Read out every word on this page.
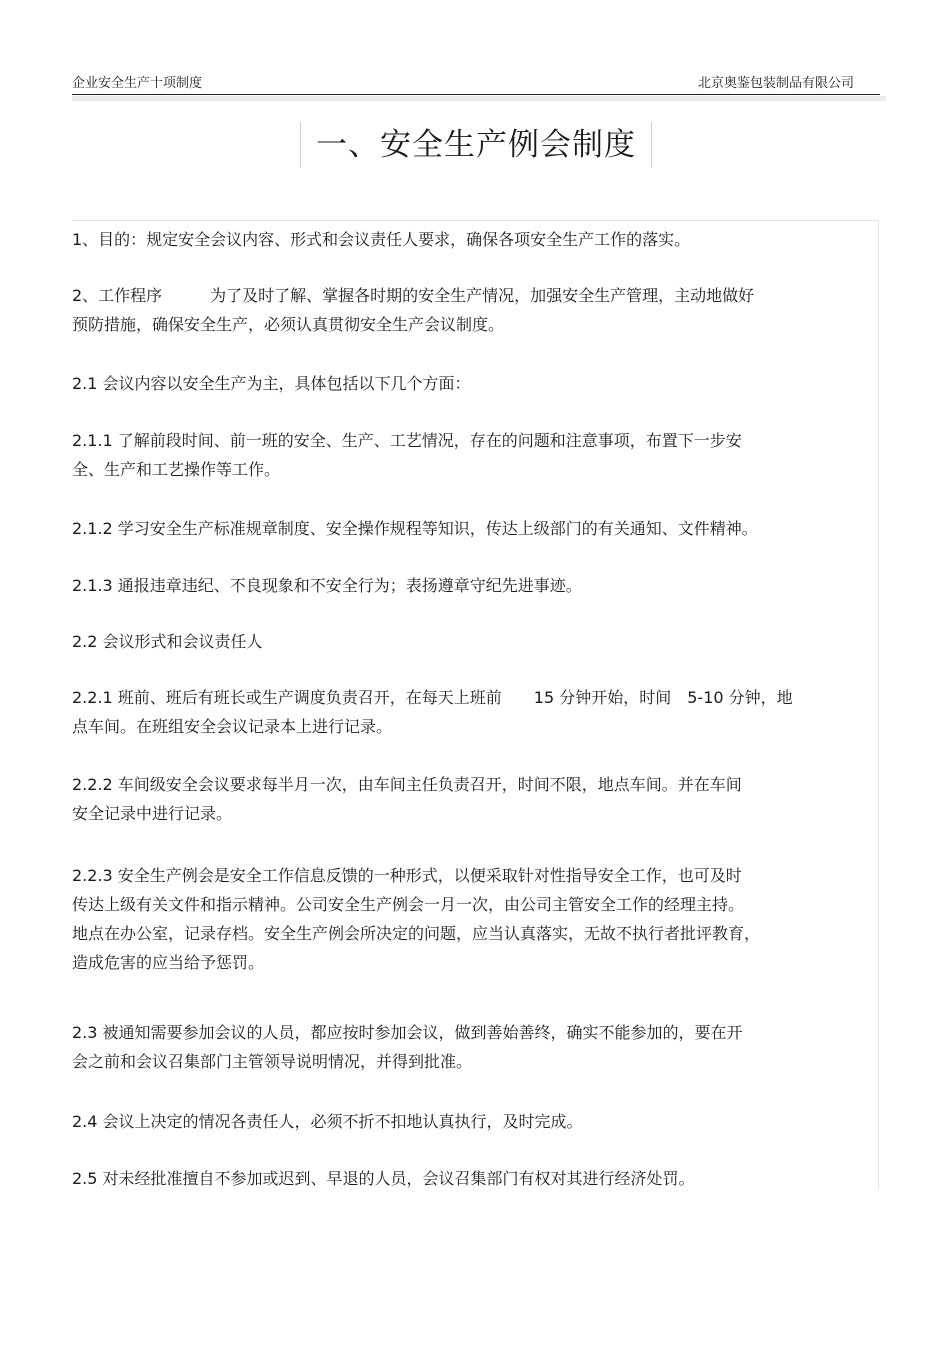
企业安全生产十项制度	北京奥鉴包装制品有限公司
一、安全生产例会制度
1、目的：规定安全会议内容、形式和会议责任人要求，确保各项安全生产工作的落实。
2、工作程序　　　为了及时了解、掌握各时期的安全生产情况，加强安全生产管理，主动地做好
预防措施，确保安全生产，必须认真贯彻安全生产会议制度。
2.1 会议内容以安全生产为主，具体包括以下几个方面：
2.1.1 了解前段时间、前一班的安全、生产、工艺情况，存在的问题和注意事项，布置下一步安
全、生产和工艺操作等工作。
2.1.2 学习安全生产标准规章制度、安全操作规程等知识，传达上级部门的有关通知、文件精神。
2.1.3 通报违章违纪、不良现象和不安全行为；表扬遵章守纪先进事迹。
2.2 会议形式和会议责任人
2.2.1 班前、班后有班长或生产调度负责召开，在每天上班前　　15 分钟开始，时间　5-10 分钟，地
点车间。在班组安全会议记录本上进行记录。
2.2.2 车间级安全会议要求每半月一次，由车间主任负责召开，时间不限，地点车间。并在车间
安全记录中进行记录。
2.2.3 安全生产例会是安全工作信息反馈的一种形式，以便采取针对性指导安全工作，也可及时
传达上级有关文件和指示精神。公司安全生产例会一月一次，由公司主管安全工作的经理主持。
地点在办公室，记录存档。安全生产例会所决定的问题，应当认真落实，无故不执行者批评教育，
造成危害的应当给予惩罚。
2.3 被通知需要参加会议的人员，都应按时参加会议，做到善始善终，确实不能参加的，要在开
会之前和会议召集部门主管领导说明情况，并得到批准。
2.4 会议上决定的情况各责任人，必须不折不扣地认真执行，及时完成。
2.5 对未经批准擅自不参加或迟到、早退的人员，会议召集部门有权对其进行经济处罚。
